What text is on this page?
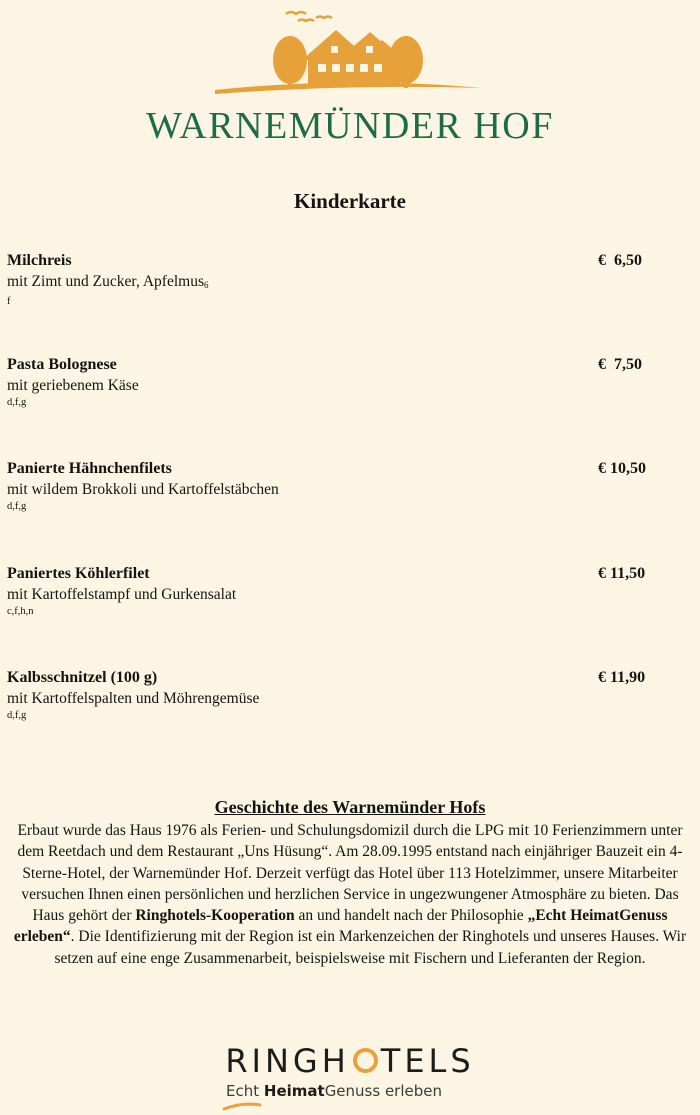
WARNEMÜNDER HOF
Kinderkarte
Milchreis
mit Zimt und Zucker, Apfelmus$_6$
f
€  6,50
Pasta Bolognese
mit geriebenem Käse
d,f,g
€  7,50
Panierte Hähnchenfilets
mit wildem Brokkoli und Kartoffelstäbchen
d,f,g
€ 10,50
Paniertes Köhlerfilet
mit Kartoffelstampf und Gurkensalat
c,f,h,n
€ 11,50
Kalbsschnitzel (100 g)
mit Kartoffelspalten und Möhrengemüse
d,f,g
€ 11,90
Geschichte des Warnemünder Hofs
Erbaut wurde das Haus 1976 als Ferien- und Schulungsdomizil durch die LPG mit 10 Ferienzimmern unter dem Reetdach und dem Restaurant „Uns Hüsung“. Am 28.09.1995 entstand nach einjähriger Bauzeit ein 4-Sterne-Hotel, der Warnemünder Hof. Derzeit verfügt das Hotel über 113 Hotelzimmer, unsere Mitarbeiter versuchen Ihnen einen persönlichen und herzlichen Service in ungezwungener Atmosphäre zu bieten. Das Haus gehört der Ringhotels-Kooperation an und handelt nach der Philosophie „Echt HeimatGenuss erleben“. Die Identifizierung mit der Region ist ein Markenzeichen der Ringhotels und unseres Hauses. Wir setzen auf eine enge Zusammenarbeit, beispielsweise mit Fischern und Lieferanten der Region.
RINGH TELS
Echt HeimatGenuss erleben
